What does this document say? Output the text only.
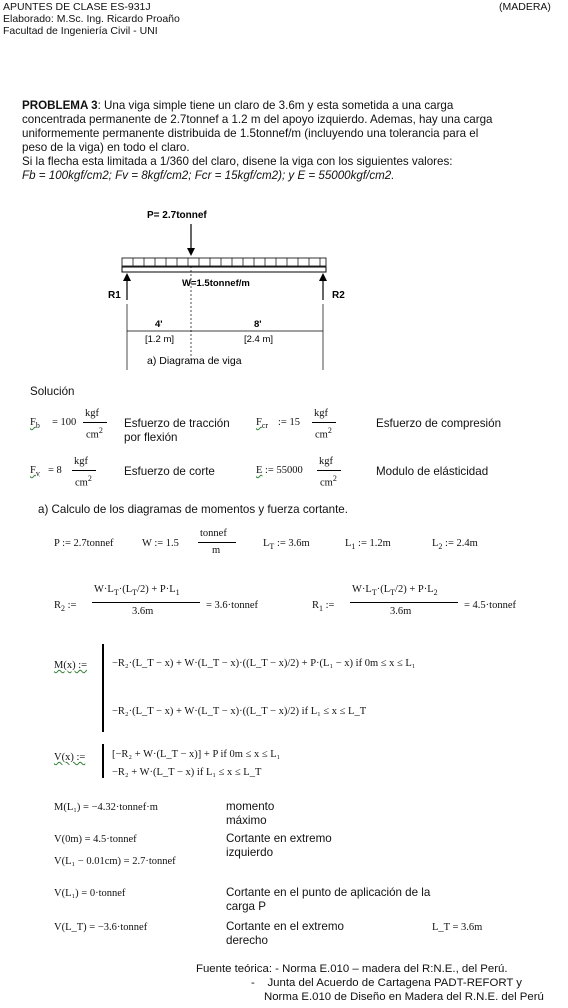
APUNTES DE CLASE ES-931J
Elaborado: M.Sc. Ing. Ricardo Proaño
Facultad de Ingeniería Civil - UNI
(MADERA)
PROBLEMA 3: Una viga simple tiene un claro de 3.6m y esta sometida a una carga
concentrada permanente de 2.7tonnef a 1.2 m del apoyo izquierdo. Ademas, hay una carga
uniformemente permanente distribuida de 1.5tonnef/m (incluyendo una tolerancia para el
peso de la viga) en todo el claro.
Si la flecha esta limitada a 1/360 del claro, disene la viga con los siguientes valores:
Fb = 100kgf/cm2; Fv = 8kgf/cm2; Fcr = 15kgf/cm2); y E = 55000kgf/cm2.
P= 2.7tonnef
W=1.5tonnef/m
R1	R2
4'	8'
[1.2 m]	[2.4 m]
a) Diagrama de viga
Solución
$F_b = 100$
kgf
$cm^2$
Esfuerzo de tracción
por flexión
$F_{cr}$ := 15
kgf
$cm^2$
Esfuerzo de compresión
$F_v = 8$
kgf
$cm^2$
Esfuerzo de corte	E := 55000
kgf
$cm^2$
Modulo de elásticidad
a) Calculo de los diagramas de momentos y fuerza cortante.
P := 2.7tonnef	W := 1.5
tonnef
m
$L_T$ := 3.6m	$L_1$ := 1.2m	$L_2$ := 2.4m
$R_2$ :=
$W\cdot L_T\cdot(L_T/2) + P\cdot L_1$
3.6m
= 3.6·tonnef	$R_1$ :=
$W\cdot L_T\cdot(L_T/2) + P\cdot L_2$
3.6m
= 4.5·tonnef
M(x) := −R₂·(L_T − x) + W·(L_T − x)·((L_T − x)/2) + P·(L₁ − x) if 0m ≤ x ≤ L₁
−R₂·(L_T − x) + W·(L_T − x)·((L_T − x)/2) if L₁ ≤ x ≤ L_T
V(x) :=	[−R₂ + W·(L_T − x)] + P if 0m ≤ x ≤ L₁
−R₂ + W·(L_T − x) if L₁ ≤ x ≤ L_T
M(L₁) = −4.32·tonnef·m	momento
máximo
V(0m) = 4.5·tonnef	Cortante en extremo
izquierdo
V(L₁ − 0.01cm) = 2.7·tonnef
V(L₁) = 0·tonnef	Cortante en el punto de aplicación de la
carga P
V(L_T) = −3.6·tonnef	Cortante en el extremo
derecho
L_T = 3.6m
Fuente teórica: - Norma E.010 – madera del R:N.E., del Perú.
-    Junta del Acuerdo de Cartagena PADT-REFORT y
Norma E.010 de Diseño en Madera del R.N.E. del Perú
